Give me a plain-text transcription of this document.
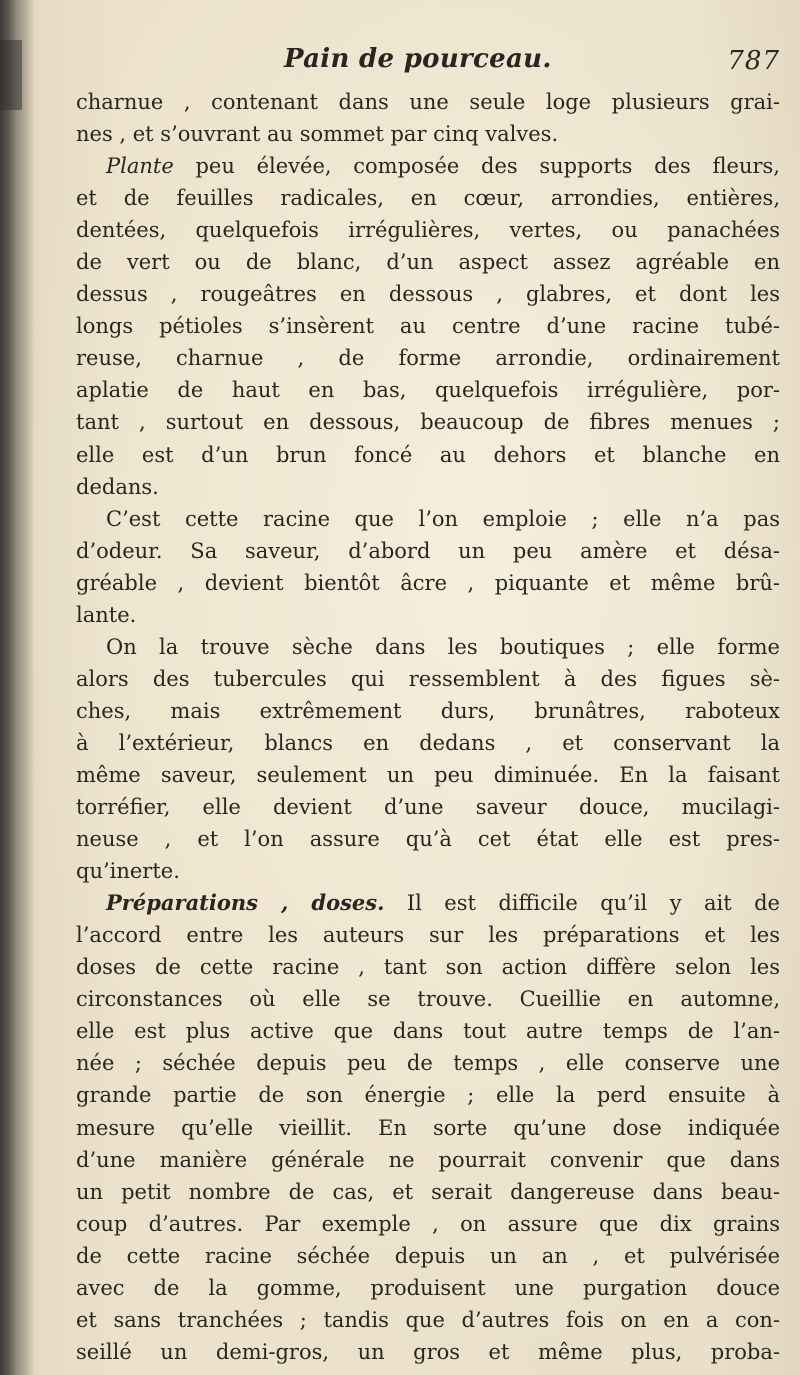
Pain de pourceau.	787
charnue , contenant dans une seule loge plusieurs grai-
nes , et s’ouvrant au sommet par cinq valves.
Plante peu élevée, composée des supports des fleurs,
et de feuilles radicales, en cœur, arrondies, entières,
dentées, quelquefois irrégulières, vertes, ou panachées
de vert ou de blanc, d’un aspect assez agréable en
dessus , rougeâtres en dessous , glabres, et dont les
longs pétioles s’insèrent au centre d’une racine tubé-
reuse, charnue , de forme arrondie, ordinairement
aplatie de haut en bas, quelquefois irrégulière, por-
tant , surtout en dessous, beaucoup de fibres menues ;
elle est d’un brun foncé au dehors et blanche en
dedans.
C’est cette racine que l’on emploie ; elle n’a pas
d’odeur. Sa saveur, d’abord un peu amère et désa-
gréable , devient bientôt âcre , piquante et même brû-
lante.
On la trouve sèche dans les boutiques ; elle forme
alors des tubercules qui ressemblent à des figues sè-
ches, mais extrêmement durs, brunâtres, raboteux
à l’extérieur, blancs en dedans , et conservant la
même saveur, seulement un peu diminuée. En la faisant
torréfier, elle devient d’une saveur douce, mucilagi-
neuse , et l’on assure qu’à cet état elle est pres-
qu’inerte.
Préparations , doses. Il est difficile qu’il y ait de
l’accord entre les auteurs sur les préparations et les
doses de cette racine , tant son action diffère selon les
circonstances où elle se trouve. Cueillie en automne,
elle est plus active que dans tout autre temps de l’an-
née ; séchée depuis peu de temps , elle conserve une
grande partie de son énergie ; elle la perd ensuite à
mesure qu’elle vieillit. En sorte qu’une dose indiquée
d’une manière générale ne pourrait convenir que dans
un petit nombre de cas, et serait dangereuse dans beau-
coup d’autres. Par exemple , on assure que dix grains
de cette racine séchée depuis un an , et pulvérisée
avec de la gomme, produisent une purgation douce
et sans tranchées ; tandis que d’autres fois on en a con-
seillé un demi-gros, un gros et même plus, proba-
